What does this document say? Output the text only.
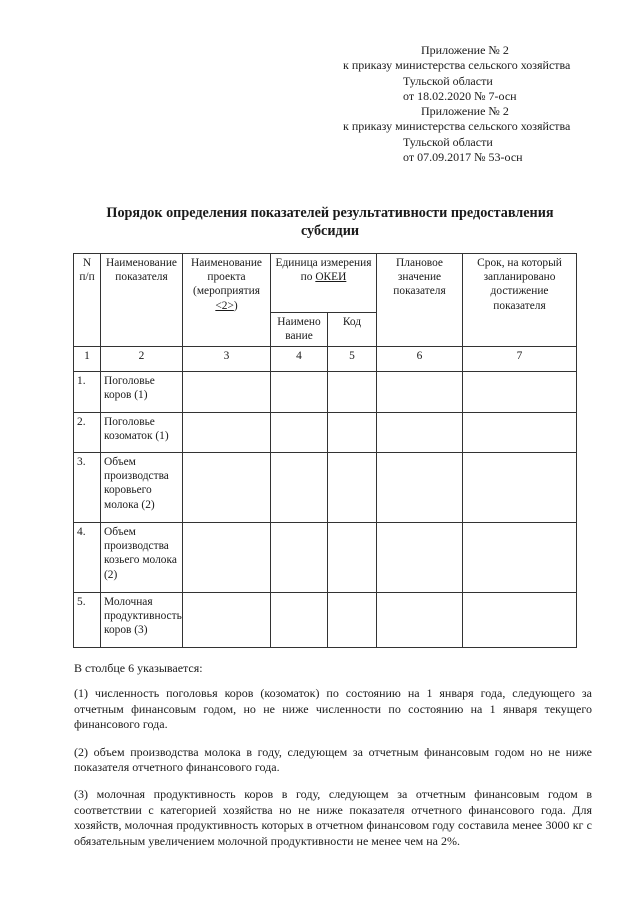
Приложение № 2
к приказу министерства сельского хозяйства
Тульской области
от 18.02.2020 № 7-осн
Приложение № 2
к приказу министерства сельского хозяйства
Тульской области
от 07.09.2017 № 53-осн
Порядок определения показателей результативности предоставления
субсидии
N п/п	Наименование показателя	Наименование проекта (мероприятия <2>)	Единица измерения по ОКЕИ		Плановое значение показателя	Срок, на который запланировано достижение показателя
			Наимено вание	Код		
1	2	3	4	5	6	7
1.	Поголовье коров (1)					
2.	Поголовье козоматок (1)					
3.	Объем производства коровьего молока (2)					
4.	Объем производства козьего молока (2)					
5.	Молочная продуктивность коров (3)					

В столбце 6 указывается:

(1) численность поголовья коров (козоматок) по состоянию на 1 января года, следующего за отчетным финансовым годом, но не ниже численности по состоянию на 1 января текущего финансового года.

(2) объем производства молока в году, следующем за отчетным финансовым годом но не ниже показателя отчетного финансового года.

(3) молочная продуктивность коров в году, следующем за отчетным финансовым годом в соответствии с категорией хозяйства но не ниже показателя отчетного финансового года. Для хозяйств, молочная продуктивность которых в отчетном финансовом году составила менее 3000 кг с обязательным увеличением молочной продуктивности не менее чем на 2%.
